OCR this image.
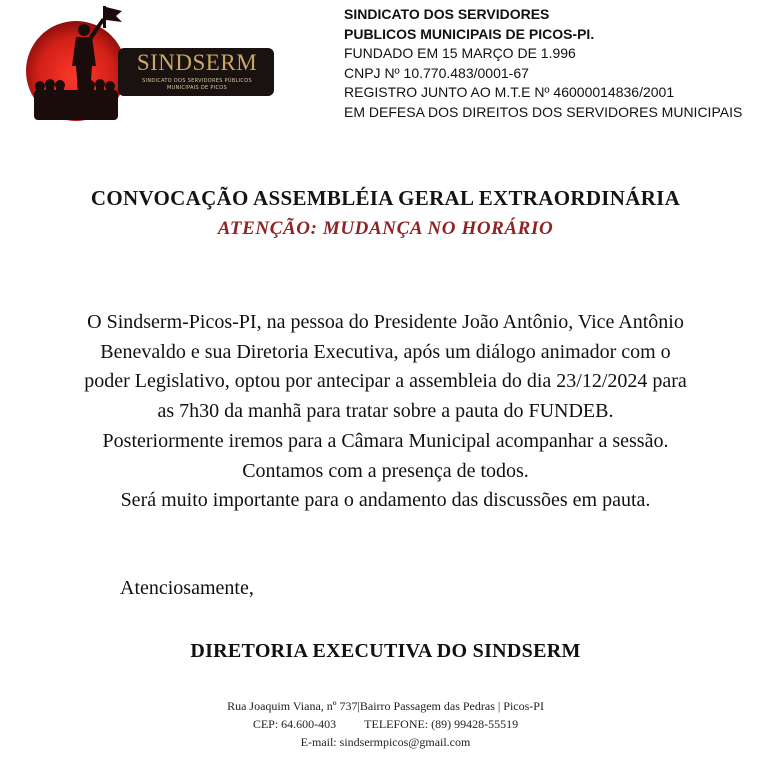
SINDSERM
SINDICATO DOS SERVIDORES PÚBLICOS
MUNICIPAIS DE PICOS
SINDICATO DOS SERVIDORES
PUBLICOS MUNICIPAIS DE PICOS-PI.
FUNDADO EM 15 MARÇO DE 1.996
CNPJ Nº 10.770.483/0001-67
REGISTRO JUNTO AO M.T.E Nº 46000014836/2001
EM DEFESA DOS DIREITOS DOS SERVIDORES MUNICIPAIS
CONVOCAÇÃO ASSEMBLÉIA GERAL EXTRAORDINÁRIA
ATENÇÃO: MUDANÇA NO HORÁRIO
O Sindserm-Picos-PI, na pessoa do Presidente João Antônio, Vice Antônio
Benevaldo e sua Diretoria Executiva, após um diálogo animador com o
poder Legislativo, optou por antecipar a assembleia do dia 23/12/2024 para
as 7h30 da manhã para tratar sobre a pauta do FUNDEB.
Posteriormente iremos para a Câmara Municipal acompanhar a sessão.
Contamos com a presença de todos.
Será muito importante para o andamento das discussões em pauta.
Atenciosamente,
DIRETORIA EXECUTIVA DO SINDSERM
Rua Joaquim Viana, nº 737|Bairro Passagem das Pedras | Picos-PI
CEP: 64.600-403 TELEFONE: (89) 99428-55519
E-mail: sindsermpicos@gmail.com
